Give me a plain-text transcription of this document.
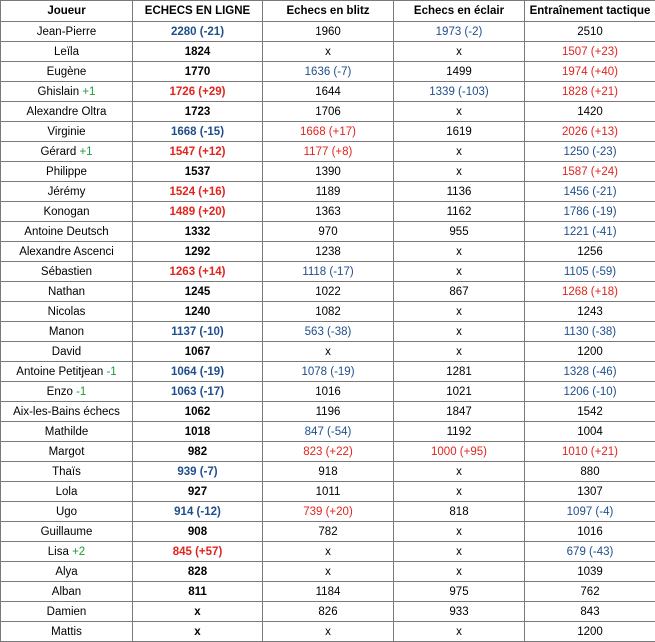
Joueur	ECHECS EN LIGNE	Echecs en blitz	Echecs en éclair	Entraînement tactique
Jean-Pierre	2280 (-21)	1960	1973 (-2)	2510
Leïla	1824	x	x	1507 (+23)
Eugène	1770	1636 (-7)	1499	1974 (+40)
Ghislain +1	1726 (+29)	1644	1339 (-103)	1828 (+21)
Alexandre Oltra	1723	1706	x	1420
Virginie	1668 (-15)	1668 (+17)	1619	2026 (+13)
Gérard +1	1547 (+12)	1177 (+8)	x	1250 (-23)
Philippe	1537	1390	x	1587 (+24)
Jérémy	1524 (+16)	1189	1136	1456 (-21)
Konogan	1489 (+20)	1363	1162	1786 (-19)
Antoine Deutsch	1332	970	955	1221 (-41)
Alexandre Ascenci	1292	1238	x	1256
Sébastien	1263 (+14)	1118 (-17)	x	1105 (-59)
Nathan	1245	1022	867	1268 (+18)
Nicolas	1240	1082	x	1243
Manon	1137 (-10)	563 (-38)	x	1130 (-38)
David	1067	x	x	1200
Antoine Petitjean -1	1064 (-19)	1078 (-19)	1281	1328 (-46)
Enzo -1	1063 (-17)	1016	1021	1206 (-10)
Aix-les-Bains échecs	1062	1196	1847	1542
Mathilde	1018	847 (-54)	1192	1004
Margot	982	823 (+22)	1000 (+95)	1010 (+21)
Thaïs	939 (-7)	918	x	880
Lola	927	1011	x	1307
Ugo	914 (-12)	739 (+20)	818	1097 (-4)
Guillaume	908	782	x	1016
Lisa +2	845 (+57)	x	x	679 (-43)
Alya	828	x	x	1039
Alban	811	1184	975	762
Damien	x	826	933	843
Mattis	x	x	x	1200
